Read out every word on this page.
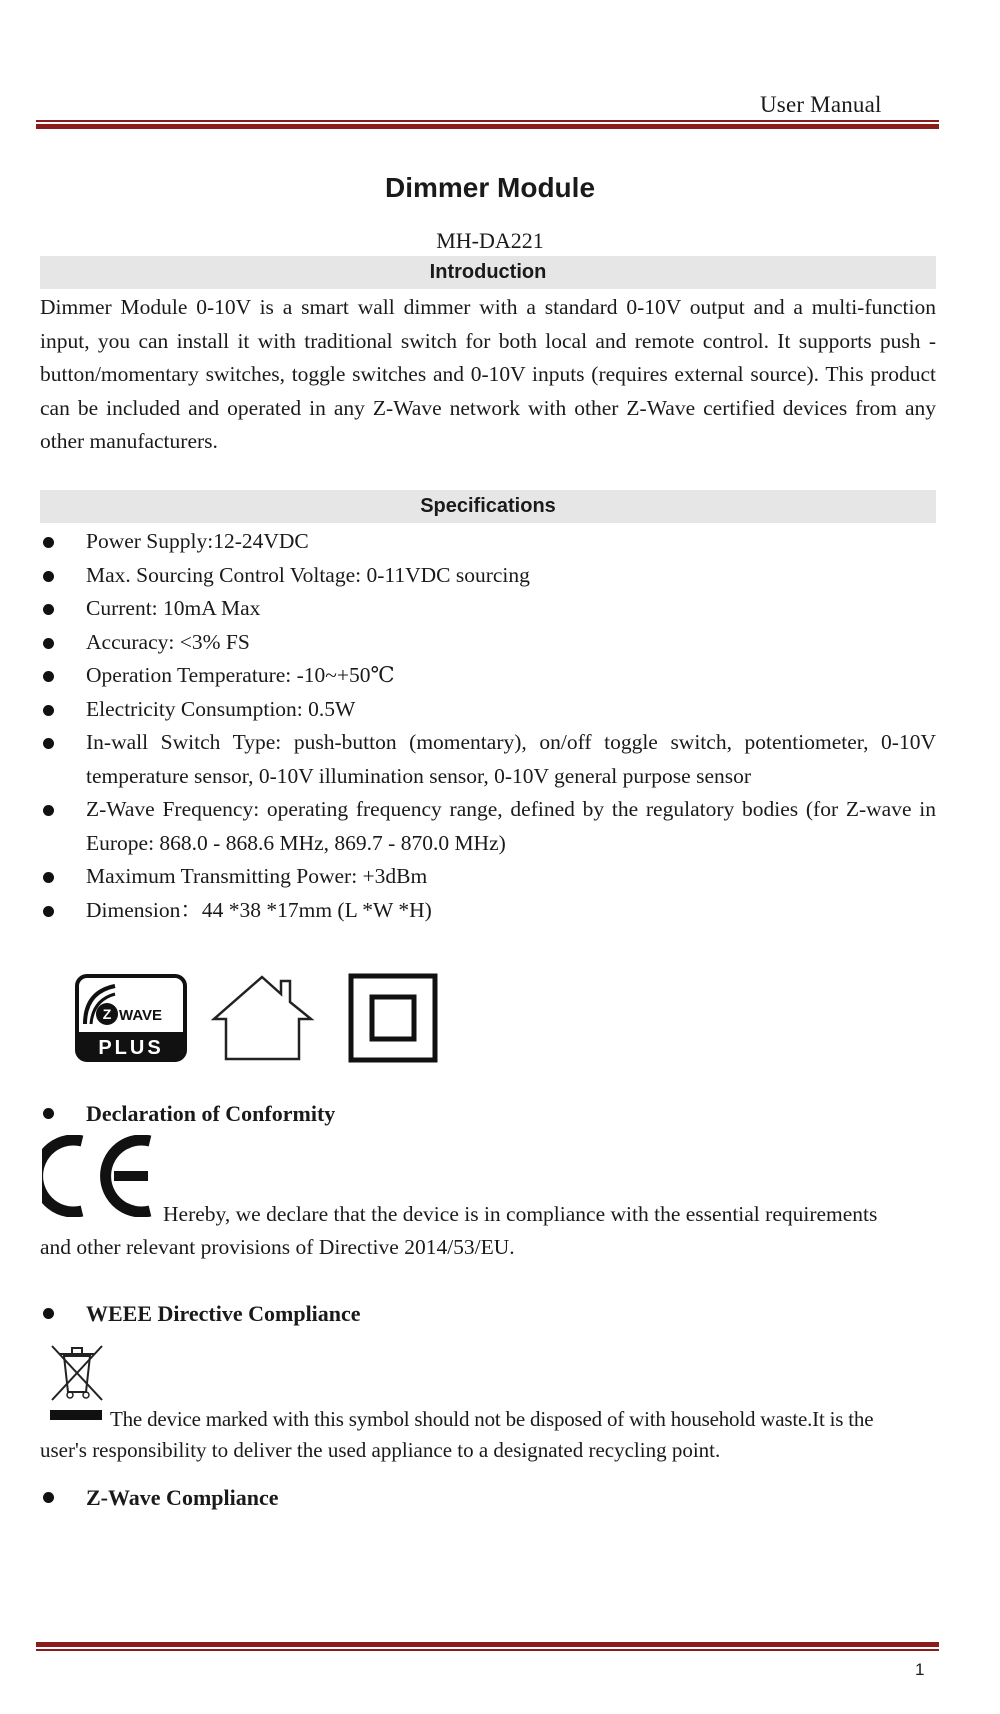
User Manual
Dimmer Module
MH-DA221
Introduction
Dimmer Module 0-10V is a smart wall dimmer with a standard 0-10V output and a multi-function input, you can install it with traditional switch for both local and remote control. It supports push -button/momentary switches, toggle switches and 0-10V inputs (requires external source). This product can be included and operated in any Z-Wave network with other Z-Wave certified devices from any other manufacturers.
Specifications
Power Supply:12-24VDC
Max. Sourcing Control Voltage: 0-11VDC sourcing
Current: 10mA Max
Accuracy: <3% FS
Operation Temperature: -10~+50℃
Electricity Consumption: 0.5W
In-wall Switch Type: push-button (momentary), on/off toggle switch, potentiometer, 0-10V temperature sensor, 0-10V illumination sensor, 0-10V general purpose sensor
Z-Wave Frequency: operating frequency range, defined by the regulatory bodies (for Z-wave in Europe: 868.0 - 868.6 MHz, 869.7 - 870.0 MHz)
Maximum Transmitting Power: +3dBm
Dimension：44 *38 *17mm (L *W *H)
Z WAVE
PLUS
Declaration of Conformity
Hereby, we declare that the device is in compliance with the essential requirements
and other relevant provisions of Directive 2014/53/EU.
WEEE Directive Compliance
The device marked with this symbol should not be disposed of with household waste.It is the
user's responsibility to deliver the used appliance to a designated recycling point.
Z-Wave Compliance
1
